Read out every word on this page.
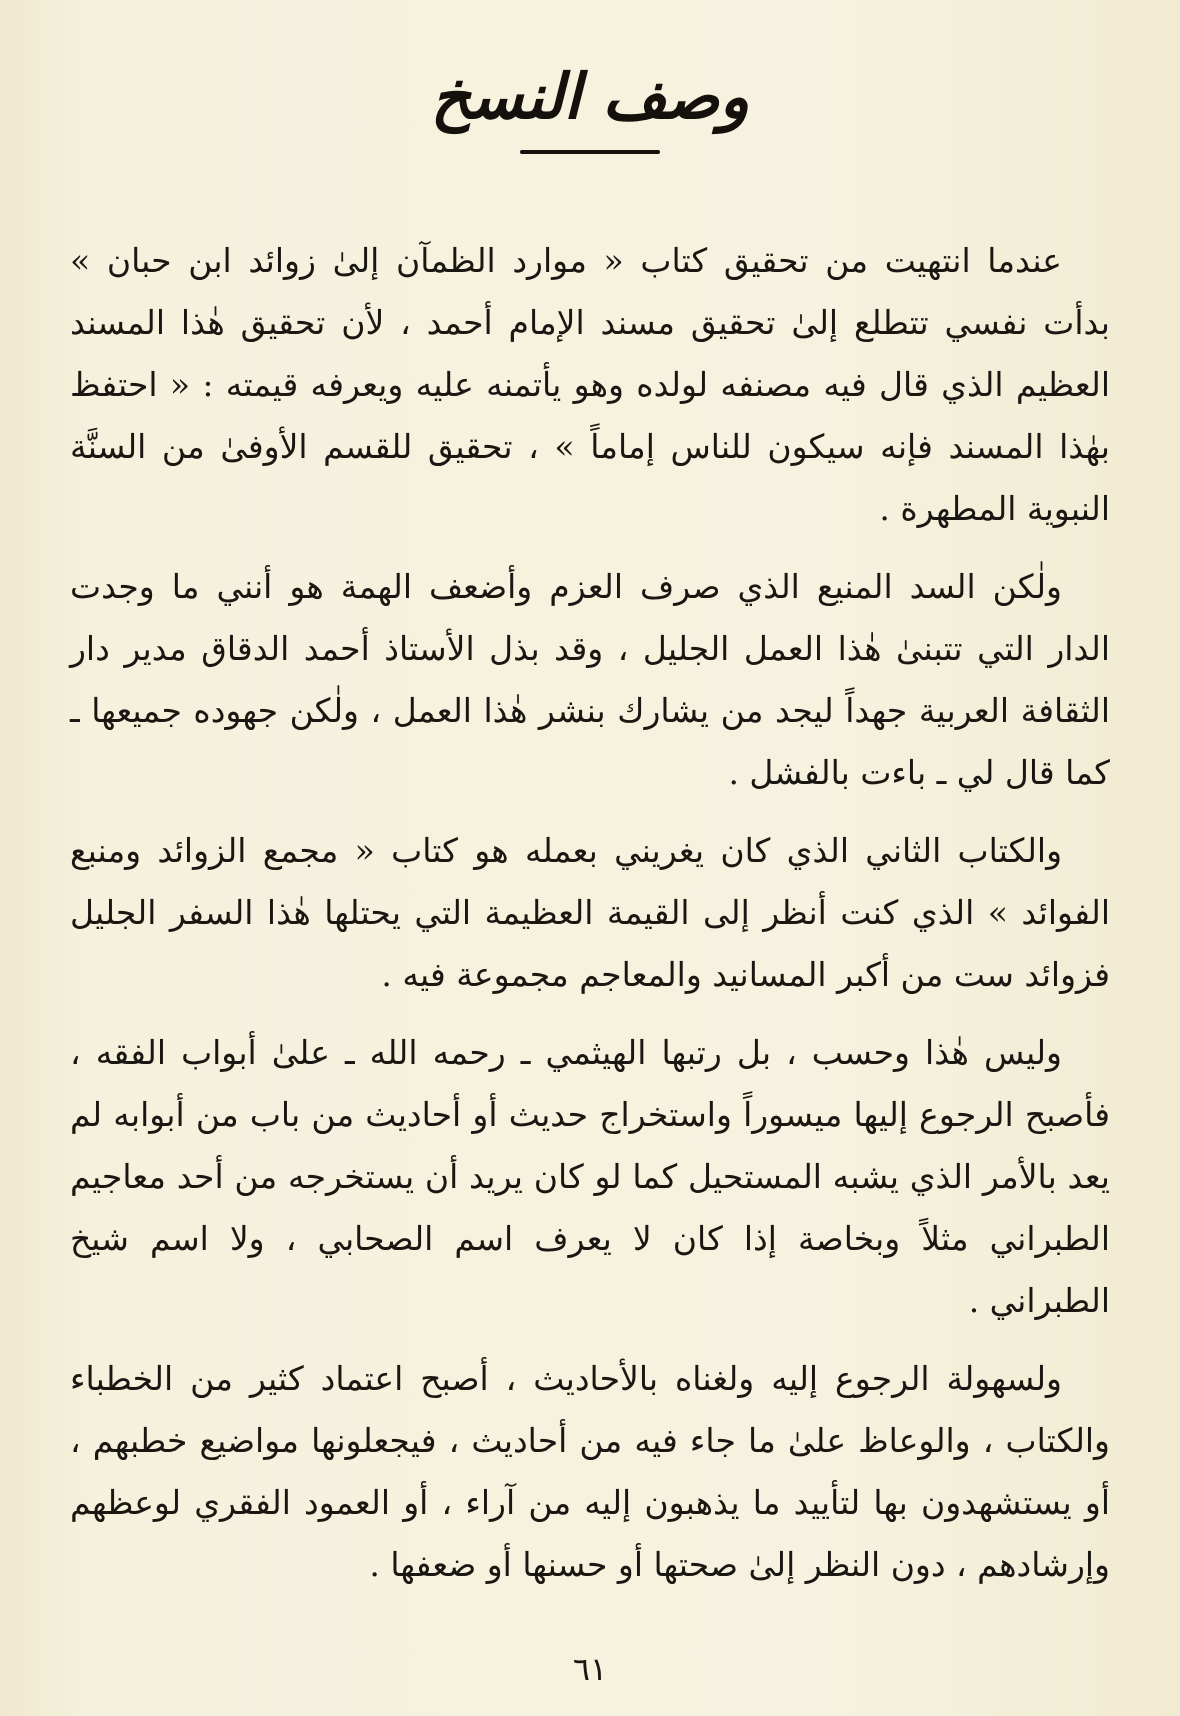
وصف النسخ

عندما انتهيت من تحقيق كتاب « موارد الظمآن إلىٰ زوائد ابن حبان » بدأت نفسي تتطلع إلىٰ تحقيق مسند الإمام أحمد ، لأن تحقيق هٰذا المسند العظيم الذي قال فيه مصنفه لولده وهو يأتمنه عليه ويعرفه قيمته : « احتفظ بهٰذا المسند فإنه سيكون للناس إماماً » ، تحقيق للقسم الأوفىٰ من السنَّة النبوية المطهرة .

ولٰكن السد المنيع الذي صرف العزم وأضعف الهمة هو أنني ما وجدت الدار التي تتبنىٰ هٰذا العمل الجليل ، وقد بذل الأستاذ أحمد الدقاق مدير دار الثقافة العربية جهداً ليجد من يشارك بنشر هٰذا العمل ، ولٰكن جهوده جميعها ـ كما قال لي ـ باءت بالفشل .

والكتاب الثاني الذي كان يغريني بعمله هو كتاب « مجمع الزوائد ومنبع الفوائد » الذي كنت أنظر إلى القيمة العظيمة التي يحتلها هٰذا السفر الجليل فزوائد ست من أكبر المسانيد والمعاجم مجموعة فيه .

وليس هٰذا وحسب ، بل رتبها الهيثمي ـ رحمه الله ـ علىٰ أبواب الفقه ، فأصبح الرجوع إليها ميسوراً واستخراج حديث أو أحاديث من باب من أبوابه لم يعد بالأمر الذي يشبه المستحيل كما لو كان يريد أن يستخرجه من أحد معاجيم الطبراني مثلاً وبخاصة إذا كان لا يعرف اسم الصحابي ، ولا اسم شيخ الطبراني .

ولسهولة الرجوع إليه ولغناه بالأحاديث ، أصبح اعتماد كثير من الخطباء والكتاب ، والوعاظ علىٰ ما جاء فيه من أحاديث ، فيجعلونها مواضيع خطبهم ، أو يستشهدون بها لتأييد ما يذهبون إليه من آراء ، أو العمود الفقري لوعظهم وإرشادهم ، دون النظر إلىٰ صحتها أو حسنها أو ضعفها .

٦١
